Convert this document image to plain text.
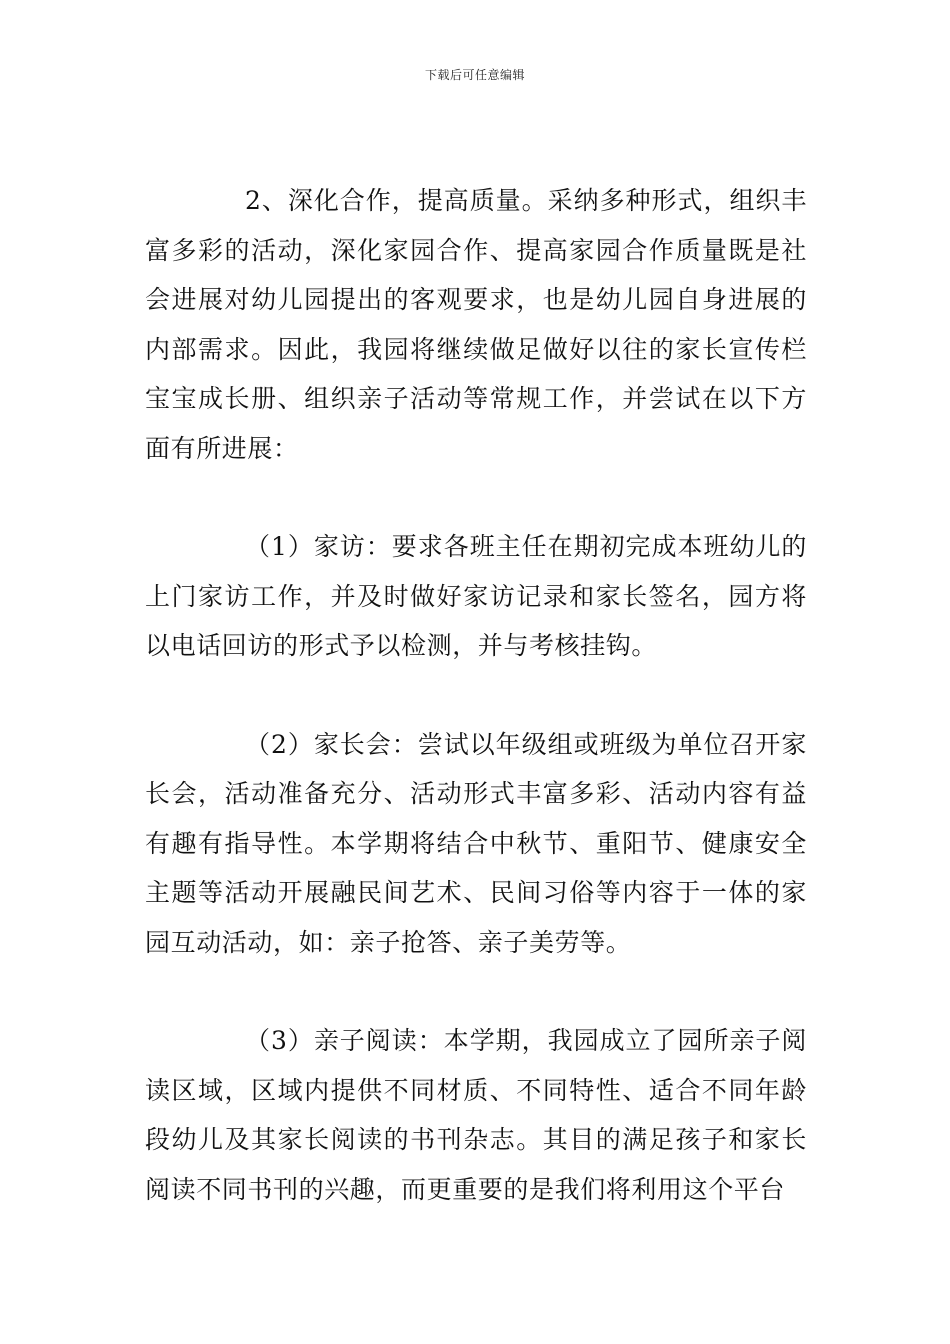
下载后可任意编辑

2、深化合作，提高质量。采纳多种形式，组织丰富多彩的活动，深化家园合作、提高家园合作质量既是社会进展对幼儿园提出的客观要求，也是幼儿园自身进展的内部需求。因此，我园将继续做足做好以往的家长宣传栏宝宝成长册、组织亲子活动等常规工作，并尝试在以下方面有所进展：

（1）家访：要求各班主任在期初完成本班幼儿的上门家访工作，并及时做好家访记录和家长签名，园方将以电话回访的形式予以检测，并与考核挂钩。

（2）家长会：尝试以年级组或班级为单位召开家长会，活动准备充分、活动形式丰富多彩、活动内容有益有趣有指导性。本学期将结合中秋节、重阳节、健康安全主题等活动开展融民间艺术、民间习俗等内容于一体的家园互动活动，如：亲子抢答、亲子美劳等。

（3）亲子阅读：本学期，我园成立了园所亲子阅读区域，区域内提供不同材质、不同特性、适合不同年龄段幼儿及其家长阅读的书刊杂志。其目的满足孩子和家长阅读不同书刊的兴趣，而更重要的是我们将利用这个平台
